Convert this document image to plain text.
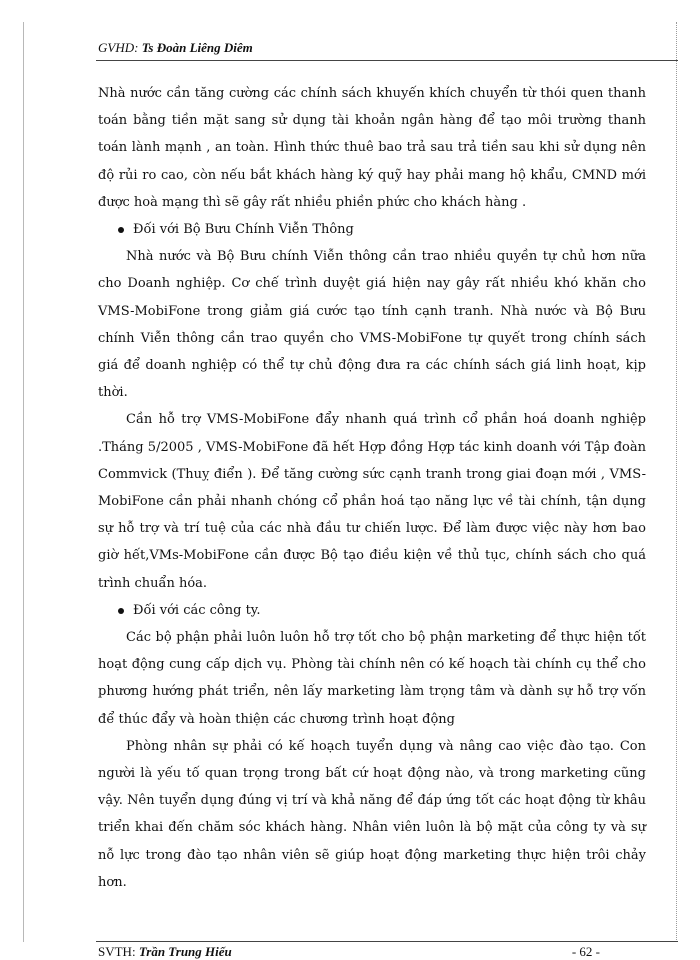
GVHD: Ts Đoàn Liêng Diêm

Nhà nước cần tăng cường các chính sách khuyến khích chuyển từ thói quen thanh toán bằng tiền mặt sang sử dụng tài khoản ngân hàng để tạo môi trường thanh toán lành mạnh , an toàn. Hình thức thuê bao trả sau trả tiền sau khi sử dụng nên độ rủi ro cao, còn nếu bắt khách hàng ký quỹ hay phải mang hộ khẩu, CMND mới được hoà mạng thì sẽ gây rất nhiều phiền phức cho khách hàng .

Đối với Bộ Bưu Chính Viễn Thông

Nhà nước và Bộ Bưu chính Viễn thông cần trao nhiều quyền tự chủ hơn nữa cho Doanh nghiệp. Cơ chế trình duyệt giá hiện nay gây rất nhiều khó khăn cho VMS-MobiFone trong giảm giá cước tạo tính cạnh tranh. Nhà nước và Bộ Bưu chính Viễn thông cần trao quyền cho VMS-MobiFone tự quyết trong chính sách giá để doanh nghiệp có thể tự chủ động đưa ra các chính sách giá linh hoạt, kịp thời.

Cần hỗ trợ VMS-MobiFone đẩy nhanh quá trình cổ phần hoá doanh nghiệp .Tháng 5/2005 , VMS-MobiFone đã hết Hợp đồng Hợp tác kinh doanh với Tập đoàn Commvick (Thuỵ điển ). Để tăng cường sức cạnh tranh trong giai đoạn mới , VMS-MobiFone cần phải nhanh chóng cổ phần hoá tạo năng lực về tài chính, tận dụng sự hỗ trợ và trí tuệ của các nhà đầu tư chiến lược. Để làm được việc này hơn bao giờ hết,VMs-MobiFone cần được Bộ tạo điều kiện về thủ tục, chính sách cho quá trình chuẩn hóa.

Đối với các công ty.

Các bộ phận phải luôn luôn hỗ trợ tốt cho bộ phận marketing để thực hiện tốt hoạt động cung cấp dịch vụ. Phòng tài chính nên có kế hoạch tài chính cụ thể cho phương hướng phát triển, nên lấy marketing làm trọng tâm và dành sự hỗ trợ vốn để thúc đẩy và hoàn thiện các chương trình hoạt động

Phòng nhân sự phải có kế hoạch tuyển dụng và nâng cao việc đào tạo. Con người là yếu tố quan trọng trong bất cứ hoạt động nào, và trong marketing cũng vậy. Nên tuyển dụng đúng vị trí và khả năng để đáp ứng tốt các hoạt động từ khâu triển khai đến chăm sóc khách hàng. Nhân viên luôn là bộ mặt của công ty và sự nỗ lực trong đào tạo nhân viên sẽ giúp hoạt động marketing thực hiện trôi chảy hơn.

SVTH: Trần Trung Hiếu	- 62 -
